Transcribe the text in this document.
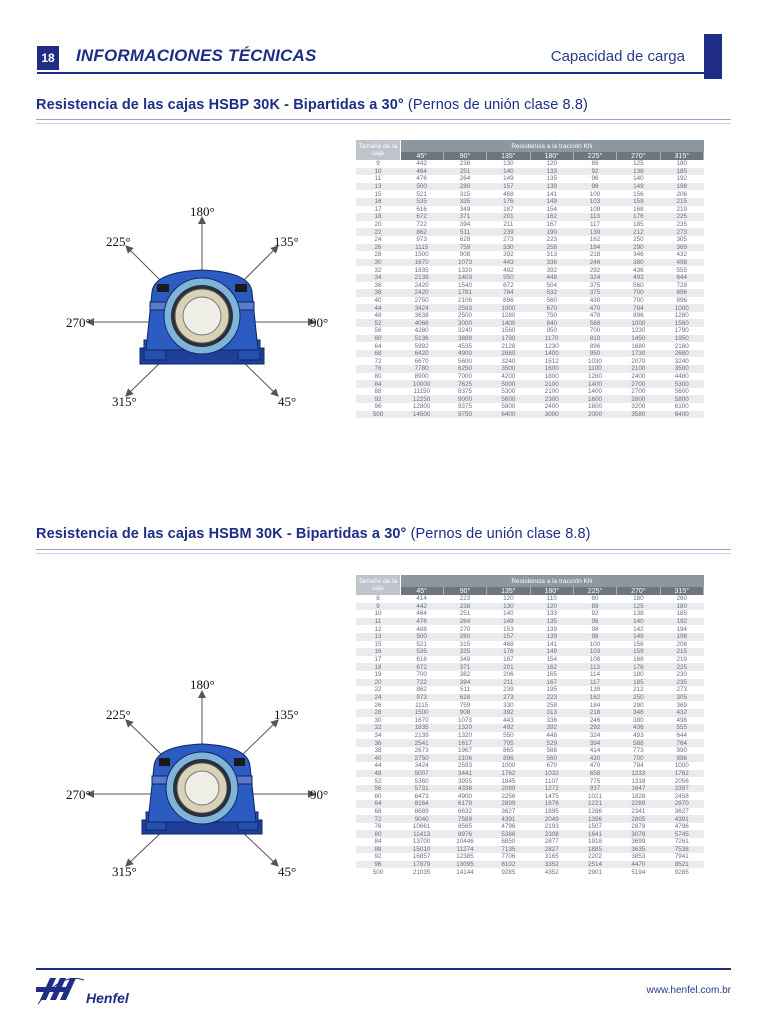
18 INFORMACIONES TÉCNICAS	Capacidad de carga
Resistencia de las cajas HSBP 30K - Bipartidas a 30° (Pernos de unión clase 8.8)
180°
225°	135°
270°	90°
315°	45°
Tamaño de la caja	Resistencia a la tracción KN						
	45°	90°	135°	180°	225°	270°	315°
9	442	238	130	120	89	125	180
10	464	251	140	133	92	138	185
11	476	264	149	135	96	140	192
13	500	280	157	139	98	149	198
15	521	315	468	141	100	156	206
16	535	335	176	149	103	159	215
17	616	349	187	154	108	168	219
18	672	371	201	162	113	176	225
20	722	394	211	167	117	185	235
22	862	511	239	190	139	212	273
24	973	628	273	223	162	250	305
26	1115	759	330	258	184	290	369
28	1500	908	392	313	218	346	432
30	1670	1073	443	336	246	380	498
32	1835	1320	492	392	292	436	555
34	2139	1403	550	448	324	493	644
36	2420	1540	672	504	375	560	728
38	2420	1781	784	532	375	700	896
40	2750	2106	896	560	430	700	896
44	3424	2593	1000	670	470	784	1000
48	3638	2500	1280	750	478	896	1280
52	4066	3000	1400	840	588	1000	1560
56	4280	3240	1560	950	700	1230	1790
60	5136	3888	1790	1170	810	1450	1950
64	5992	4535	2128	1230	896	1680	2180
68	6420	4900	2680	1400	950	1730	2680
72	6670	5600	3240	1512	1030	2070	3240
76	7780	6250	3500	1600	1100	2100	3500
80	8900	7000	4200	1800	1280	2400	4480
84	10000	7625	5000	2100	1400	2700	5300
88	11150	8375	5300	2100	1400	2700	5600
92	12250	9000	5600	2300	1600	2800	5800
96	12800	9375	5800	2400	1800	3200	6100
500	14500	9750	6400	3000	2000	3580	6400
Resistencia de las cajas HSBM 30K - Bipartidas a 30° (Pernos de unión clase 8.8)
180°
225°	135°
270°	90°
315°	45°
Tamaño de la caja	Resistencia a la tracción KN						
	45°	90°	135°	180°	225°	270°	315°
8	414	223	120	110	80	180	260
9	442	238	130	120	89	125	180
10	464	251	140	133	92	138	185
11	476	264	149	135	96	140	192
12	488	270	153	139	98	142	194
13	500	280	157	139	98	149	198
15	521	315	468	141	100	156	206
16	535	335	176	149	103	159	215
17	616	349	187	154	108	168	219
18	672	371	201	162	113	176	225
19	700	382	206	165	114	180	230
20	722	394	211	167	117	185	235
22	862	511	239	195	139	212	273
24	973	628	273	223	162	250	305
26	1115	759	330	258	184	290	369
28	1500	908	392	313	218	346	432
30	1670	1073	443	336	246	380	498
32	1835	1320	492	392	292	436	555
34	2139	1320	550	448	324	493	644
36	2541	1617	705	529	394	588	764
38	2673	1967	865	588	414	773	990
40	2750	2106	896	560	430	700	896
44	3424	2593	1000	670	470	784	1000
48	5007	3441	1762	1032	658	1233	1762
52	5360	3955	1845	1107	775	1318	2056
56	5731	4338	2089	1272	937	1647	2397
60	6473	4900	2256	1475	1021	1828	2458
64	8164	6179	2899	1676	1221	2289	2970
68	8689	6632	3627	1895	1286	2341	3627
72	9040	7589	4391	2049	1396	2805	4391
76	10661	8565	4796	2193	1507	2878	4796
80	11413	8976	5386	2308	1641	3078	5745
84	13700	10446	6850	2877	1918	3699	7261
88	15010	11274	7135	2827	1885	3635	7538
92	16857	12385	7706	3165	2202	3853	7941
96	17879	13095	8102	3352	2514	4470	8521
500	21035	14144	9285	4352	2901	5194	9285
Henfel	www.henfel.com.br
